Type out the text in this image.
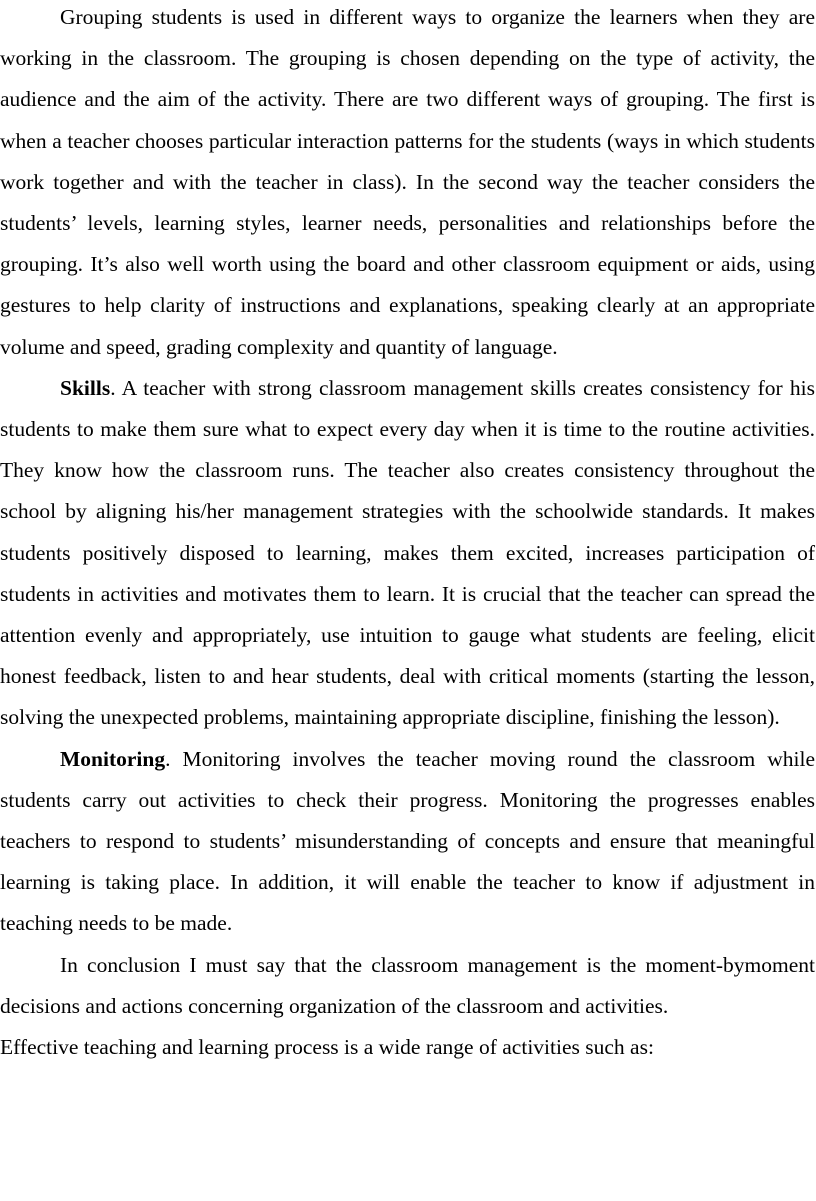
Grouping students is used in different ways to organize the learners when they are working in the classroom. The grouping is chosen depending on the type of activity, the audience and the aim of the activity. There are two different ways of grouping. The first is when a teacher chooses particular interaction patterns for the students (ways in which students work together and with the teacher in class). In the second way the teacher considers the students’ levels, learning styles, learner needs, personalities and relationships before the grouping. It’s also well worth using the board and other classroom equipment or aids, using gestures to help clarity of instructions and explanations, speaking clearly at an appropriate volume and speed, grading complexity and quantity of language.

Skills. A teacher with strong classroom management skills creates consistency for his students to make them sure what to expect every day when it is time to the routine activities. They know how the classroom runs. The teacher also creates consistency throughout the school by aligning his/her management strategies with the schoolwide standards. It makes students positively disposed to learning, makes them excited, increases participation of students in activities and motivates them to learn. It is crucial that the teacher can spread the attention evenly and appropriately, use intuition to gauge what students are feeling, elicit honest feedback, listen to and hear students, deal with critical moments (starting the lesson, solving the unexpected problems, maintaining appropriate discipline, finishing the lesson).

Monitoring. Monitoring involves the teacher moving round the classroom while students carry out activities to check their progress. Monitoring the progresses enables teachers to respond to students’ misunderstanding of concepts and ensure that meaningful learning is taking place. In addition, it will enable the teacher to know if adjustment in teaching needs to be made.

In conclusion I must say that the classroom management is the moment-bymoment decisions and actions concerning organization of the classroom and activities.

Effective teaching and learning process is a wide range of activities such as:
